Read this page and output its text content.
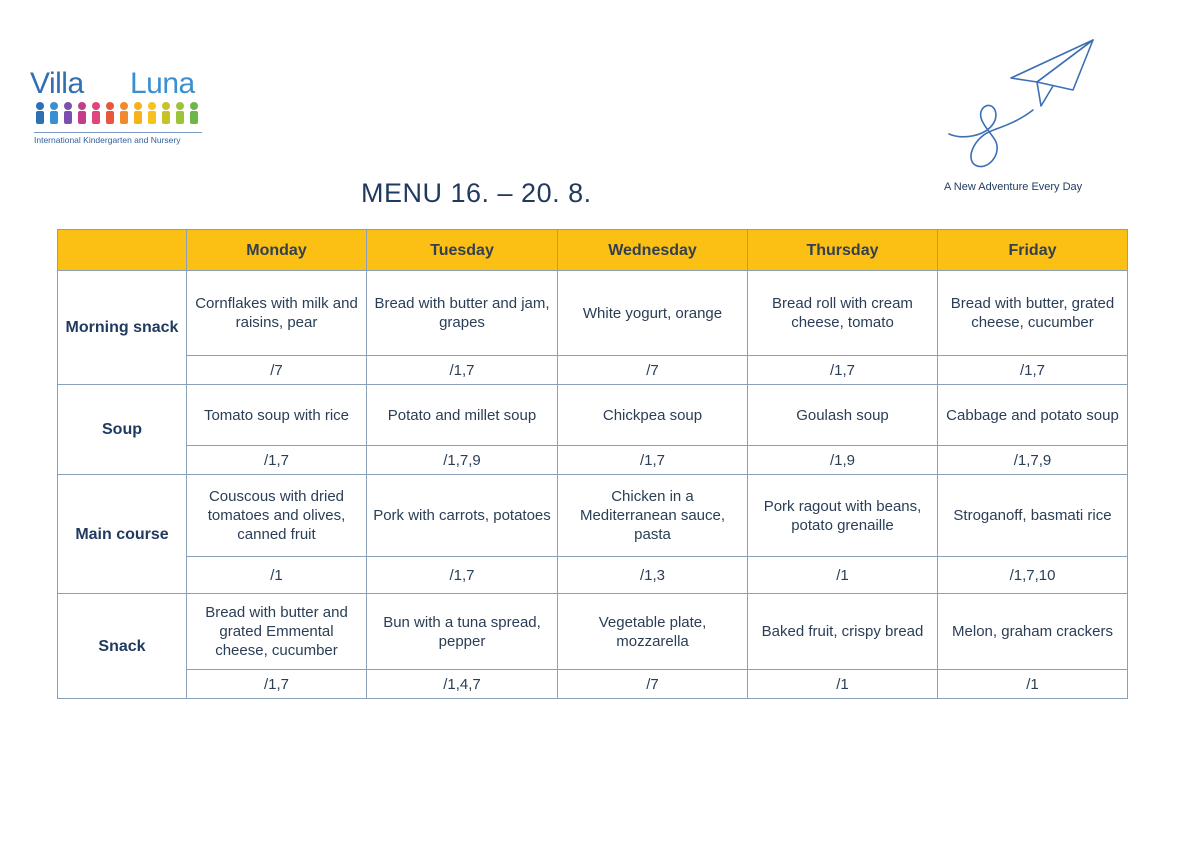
Villa Luna
International Kindergarten and Nursery
A New Adventure Every Day
MENU 16. – 20. 8.
	Monday	Tuesday	Wednesday	Thursday	Friday
Morning snack	Cornflakes with milk and raisins, pear	Bread with butter and jam, grapes	White yogurt, orange	Bread roll with cream cheese, tomato	Bread with butter, grated cheese, cucumber
	/7	/1,7	/7	/1,7	/1,7
Soup	Tomato soup with rice	Potato and millet soup	Chickpea soup	Goulash soup	Cabbage and potato soup
	/1,7	/1,7,9	/1,7	/1,9	/1,7,9
Main course	Couscous with dried tomatoes and olives, canned fruit	Pork with carrots, potatoes	Chicken in a Mediterranean sauce, pasta	Pork ragout with beans, potato grenaille	Stroganoff, basmati rice
	/1	/1,7	/1,3	/1	/1,7,10
Snack	Bread with butter and grated Emmental cheese, cucumber	Bun with a tuna spread, pepper	Vegetable plate, mozzarella	Baked fruit, crispy bread	Melon, graham crackers
	/1,7	/1,4,7	/7	/1	/1
